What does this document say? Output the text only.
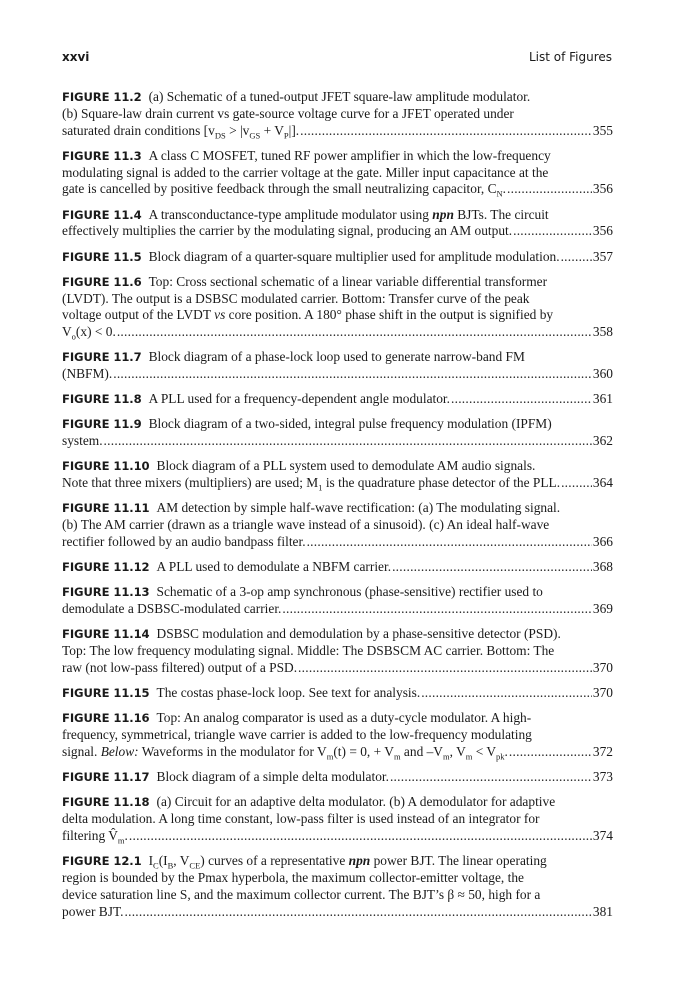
xxvi	List of Figures
FIGURE 11.2 (a) Schematic of a tuned-output JFET square-law amplitude modulator.
(b) Square-law drain current vs gate-source voltage curve for a JFET operated under
saturated drain conditions $[v_{DS} > |v_{GS} + V_P|]$. .....	355
FIGURE 11.3 A class C MOSFET, tuned RF power amplifier in which the low-frequency
modulating signal is added to the carrier voltage at the gate. Miller input capacitance at the
gate is cancelled by positive feedback through the small neutralizing capacitor, $C_N$. .....	356
FIGURE 11.4 A transconductance-type amplitude modulator using npn BJTs. The circuit
effectively multiplies the carrier by the modulating signal, producing an AM output. .....	356
FIGURE 11.5 Block diagram of a quarter-square multiplier used for amplitude modulation. ..... 357
FIGURE 11.6 Top: Cross sectional schematic of a linear variable differential transformer
(LVDT). The output is a DSBSC modulated carrier. Bottom: Transfer curve of the peak
voltage output of the LVDT vs core position. A 180° phase shift in the output is signified by
$V_o(x) < 0$. .....	358
FIGURE 11.7 Block diagram of a phase-lock loop used to generate narrow-band FM
(NBFM). .....	360
FIGURE 11.8 A PLL used for a frequency-dependent angle modulator. .....	361
FIGURE 11.9 Block diagram of a two-sided, integral pulse frequency modulation (IPFM)
system. .....	362
FIGURE 11.10 Block diagram of a PLL system used to demodulate AM audio signals.
Note that three mixers (multipliers) are used; $M_1$ is the quadrature phase detector of the PLL. ..... 364
FIGURE 11.11 AM detection by simple half-wave rectification: (a) The modulating signal.
(b) The AM carrier (drawn as a triangle wave instead of a sinusoid). (c) An ideal half-wave
rectifier followed by an audio bandpass filter. .....	366
FIGURE 11.12 A PLL used to demodulate a NBFM carrier. .....	368
FIGURE 11.13 Schematic of a 3-op amp synchronous (phase-sensitive) rectifier used to
demodulate a DSBSC-modulated carrier. .....	369
FIGURE 11.14 DSBSC modulation and demodulation by a phase-sensitive detector (PSD).
Top: The low frequency modulating signal. Middle: The DSBSCM AC carrier. Bottom: The
raw (not low-pass filtered) output of a PSD. .....	370
FIGURE 11.15 The costas phase-lock loop. See text for analysis. .....	370
FIGURE 11.16 Top: An analog comparator is used as a duty-cycle modulator. A high-
frequency, symmetrical, triangle wave carrier is added to the low-frequency modulating
signal. Below: Waveforms in the modulator for $V_m(t) = 0$, + $V_m$ and $-V_m$, $V_m < V_{pk}$. .....	372
FIGURE 11.17 Block diagram of a simple delta modulator. .....	373
FIGURE 11.18 (a) Circuit for an adaptive delta modulator. (b) A demodulator for adaptive
delta modulation. A long time constant, low-pass filter is used instead of an integrator for
filtering $V̂_m$. .....	374
FIGURE 12.1 $I_C(I_B$, $V_{CE}$) curves of a representative npn power BJT. The linear operating
region is bounded by the Pmax hyperbola, the maximum collector-emitter voltage, the
device saturation line S, and the maximum collector current. The BJT’s β ≈ 50, high for a
power BJT. .....	381
